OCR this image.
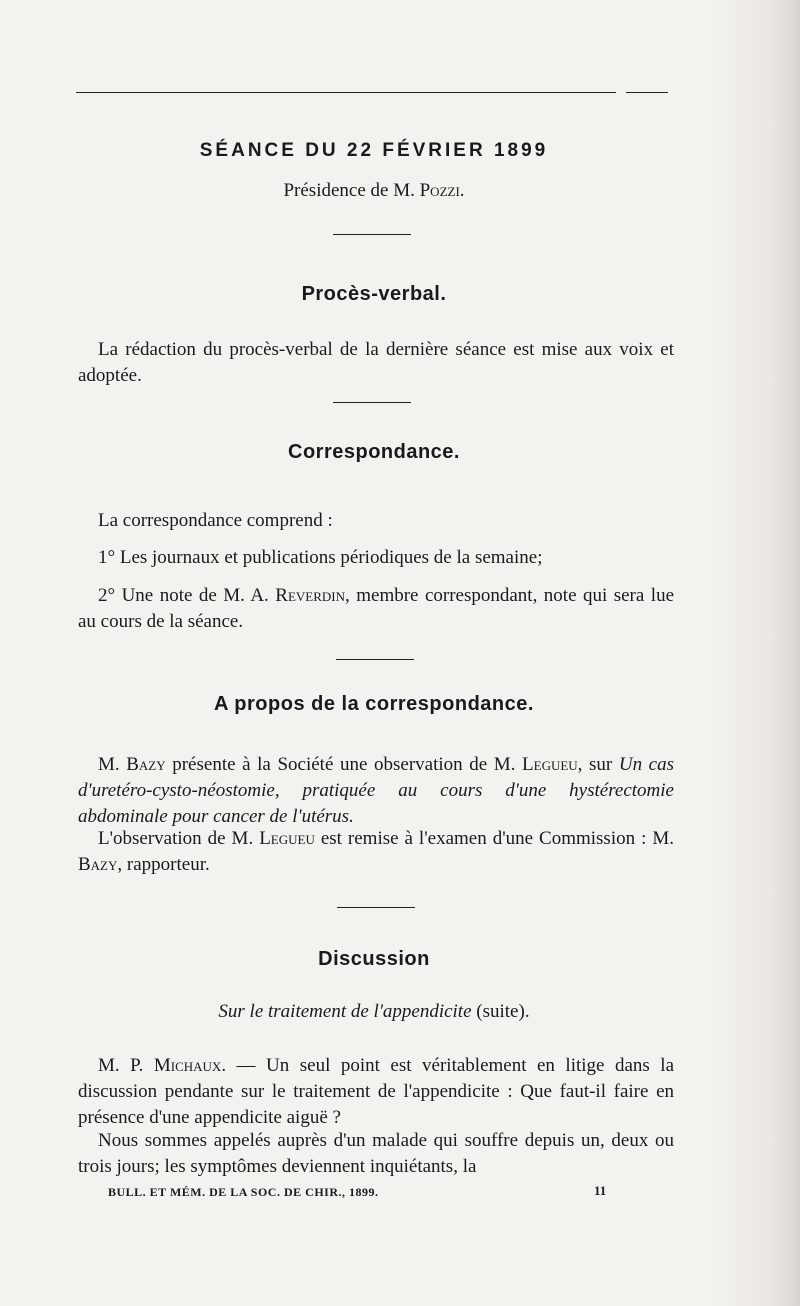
SÉANCE DU 22 FÉVRIER 1899

Présidence de M. Pozzi.

Procès-verbal.

La rédaction du procès-verbal de la dernière séance est mise aux voix et adoptée.

Correspondance.

La correspondance comprend :

1° Les journaux et publications périodiques de la semaine;

2° Une note de M. A. Reverdin, membre correspondant, note qui sera lue au cours de la séance.

A propos de la correspondance.

M. Bazy présente à la Société une observation de M. Legueu, sur Un cas d'uretéro-cysto-néostomie, pratiquée au cours d'une hystérectomie abdominale pour cancer de l'utérus.

L'observation de M. Legueu est remise à l'examen d'une Commission : M. Bazy, rapporteur.

Discussion

Sur le traitement de l'appendicite (suite).

M. P. Michaux. — Un seul point est véritablement en litige dans la discussion pendante sur le traitement de l'appendicite : Que faut-il faire en présence d'une appendicite aiguë ?

Nous sommes appelés auprès d'un malade qui souffre depuis un, deux ou trois jours; les symptômes deviennent inquiétants, la

BULL. ET MÉM. DE LA SOC. DE CHIR., 1899.	11
